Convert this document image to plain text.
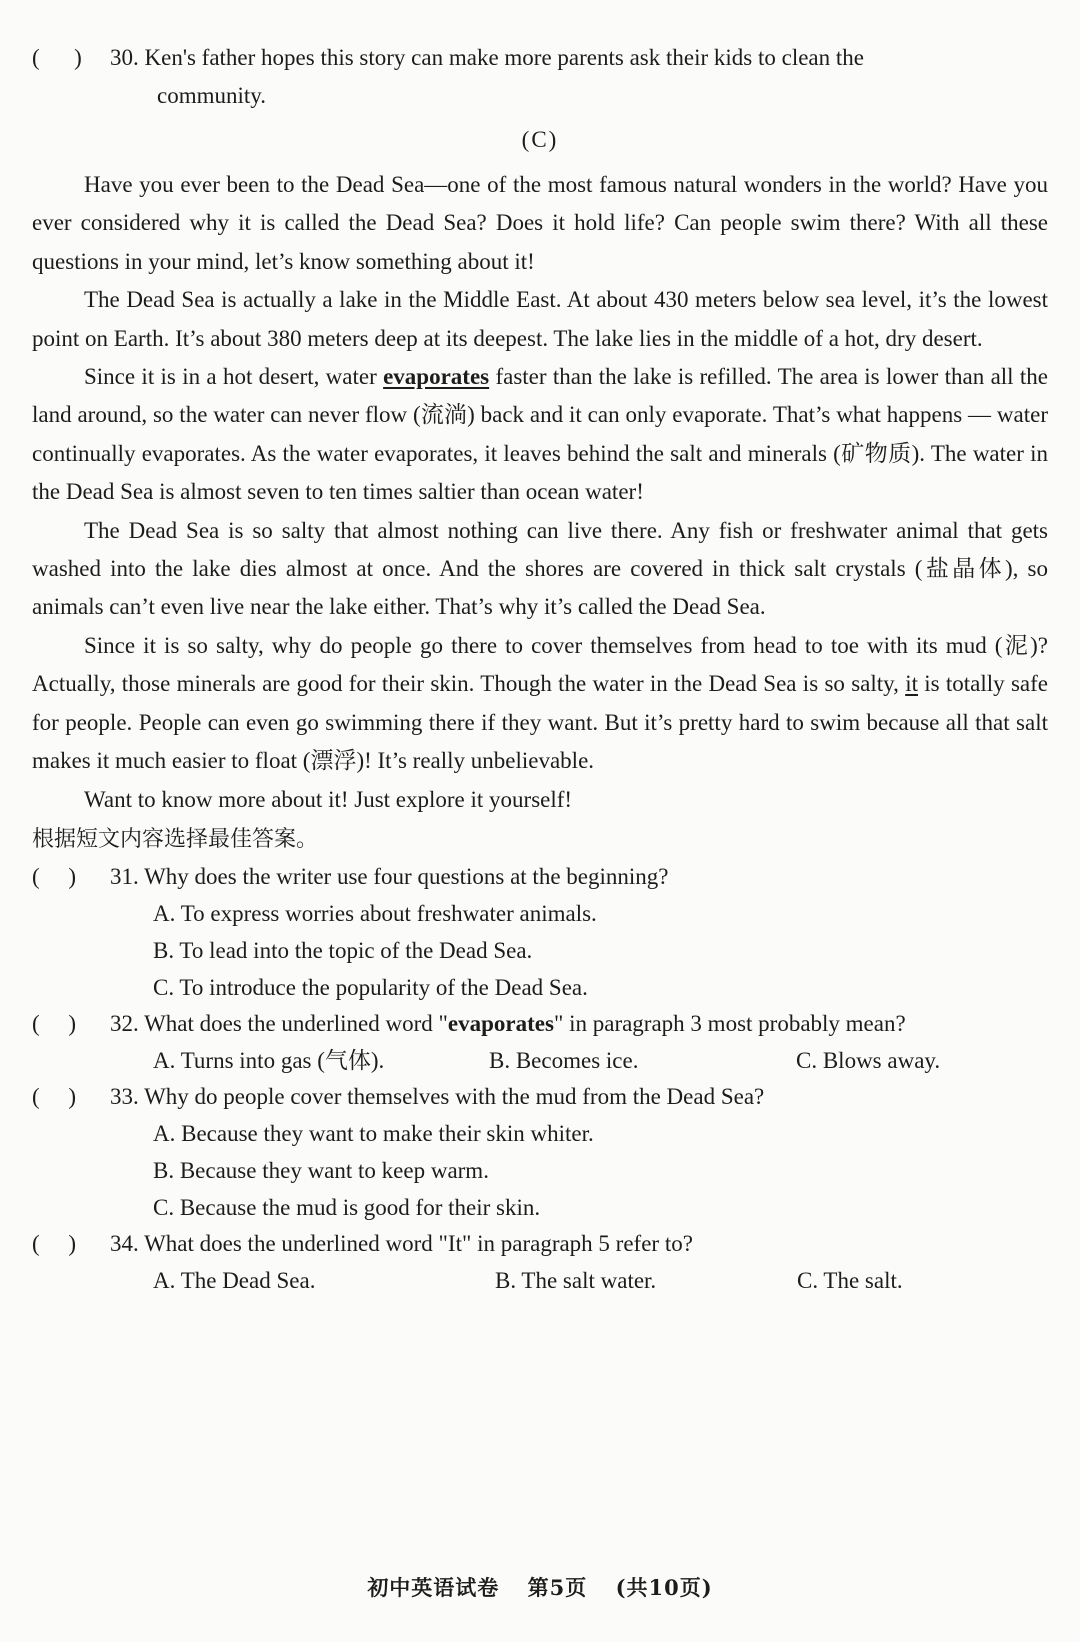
(      )	30. Ken's father hopes this story can make more parents ask their kids to clean the
community.
(C)

Have you ever been to the Dead Sea—one of the most famous natural wonders in the world? Have you ever considered why it is called the Dead Sea? Does it hold life? Can people swim there? With all these questions in your mind, let’s know something about it!

The Dead Sea is actually a lake in the Middle East. At about 430 meters below sea level, it’s the lowest point on Earth. It’s about 380 meters deep at its deepest. The lake lies in the middle of a hot, dry desert.

Since it is in a hot desert, water evaporates faster than the lake is refilled. The area is lower than all the land around, so the water can never flow (流淌) back and it can only evaporate. That’s what happens — water continually evaporates. As the water evaporates, it leaves behind the salt and minerals (矿物质). The water in the Dead Sea is almost seven to ten times saltier than ocean water!

The Dead Sea is so salty that almost nothing can live there. Any fish or freshwater animal that gets washed into the lake dies almost at once. And the shores are covered in thick salt crystals (盐晶体), so animals can’t even live near the lake either. That’s why it’s called the Dead Sea.

Since it is so salty, why do people go there to cover themselves from head to toe with its mud (泥)? Actually, those minerals are good for their skin. Though the water in the Dead Sea is so salty, it is totally safe for people. People can even go swimming there if they want. But it’s pretty hard to swim because all that salt makes it much easier to float (漂浮)! It’s really unbelievable.

Want to know more about it! Just explore it yourself!

根据短文内容选择最佳答案。
(     )	31. Why does the writer use four questions at the beginning?
A. To express worries about freshwater animals.
B. To lead into the topic of the Dead Sea.
C. To introduce the popularity of the Dead Sea.
(     )	32. What does the underlined word "evaporates" in paragraph 3 most probably mean?
A. Turns into gas (气体).	B. Becomes ice.	C. Blows away.
(     )	33. Why do people cover themselves with the mud from the Dead Sea?
A. Because they want to make their skin whiter.
B. Because they want to keep warm.
C. Because the mud is good for their skin.
(     )	34. What does the underlined word "It" in paragraph 5 refer to?
A. The Dead Sea.	B. The salt water.	C. The salt.
初中英语试卷 第5页 (共10页)
